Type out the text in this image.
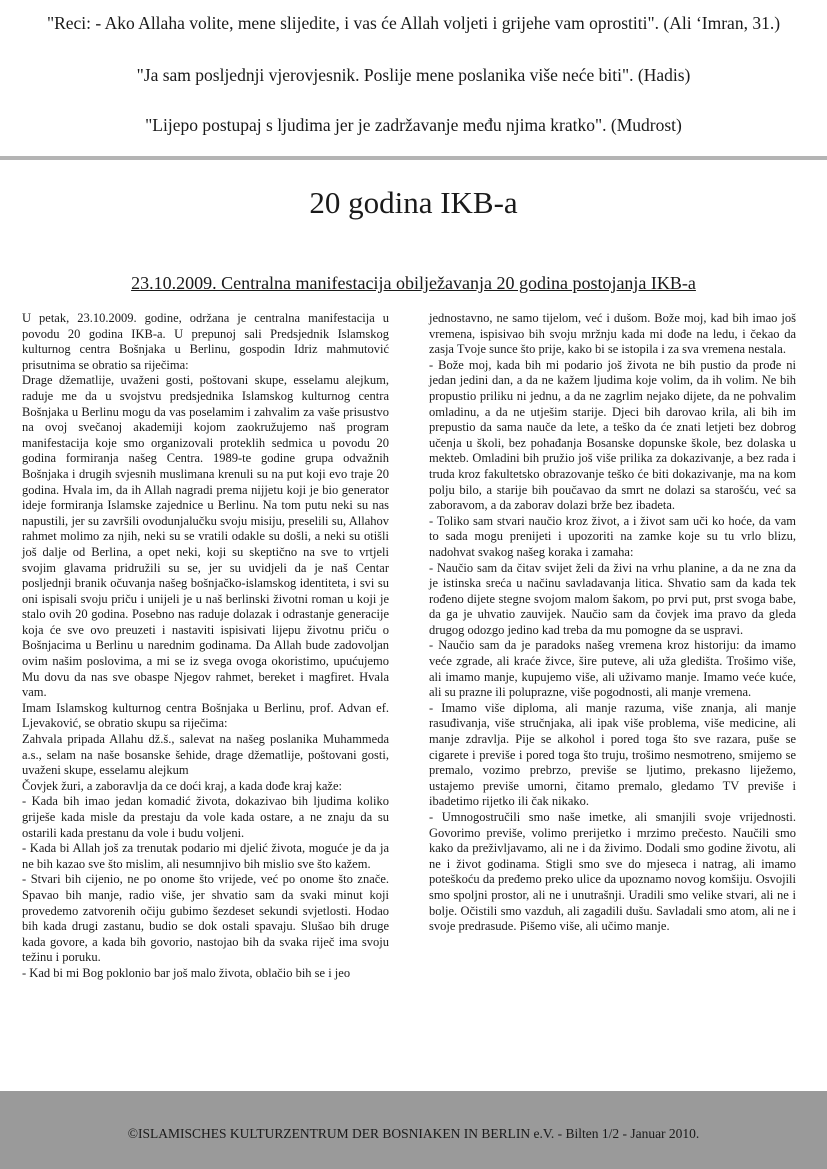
"Reci: - Ako Allaha volite, mene slijedite, i vas će Allah voljeti i grijehe vam oprostiti". (Ali ‘Imran, 31.)
"Ja sam posljednji vjerovjesnik. Poslije mene poslanika više neće biti". (Hadis)
"Lijepo postupaj s ljudima jer je zadržavanje među njima kratko". (Mudrost)
20 godina IKB-a
23.10.2009. Centralna manifestacija obilježavanja 20 godina postojanja IKB-a

U petak, 23.10.2009. godine, održana je centralna manifestacija u povodu 20 godina IKB-a. U prepunoj sali Predsjednik Islamskog kulturnog centra Bošnjaka u Berlinu, gospodin Idriz mahmutović prisutnima se obratio sa riječima:

Drage džematlije, uvaženi gosti, poštovani skupe, esselamu alejkum, raduje me da u svojstvu predsjednika Islamskog kulturnog centra Bošnjaka u Berlinu mogu da vas poselamim i zahvalim za vaše prisustvo na ovoj svečanoj akademiji kojom zaokružujemo naš program manifestacija koje smo organizovali proteklih sedmica u povodu 20 godina formiranja našeg Centra. 1989-te godine grupa odvažnih Bošnjaka i drugih svjesnih muslimana krenuli su na put koji evo traje 20 godina. Hvala im, da ih Allah nagradi prema nijjetu koji je bio generator ideje formiranja Islamske zajednice u Berlinu. Na tom putu neki su nas napustili, jer su završili ovodunjalučku svoju misiju, preselili su, Allahov rahmet molimo za njih, neki su se vratili odakle su došli, a neki su otišli još dalje od Berlina, a opet neki, koji su skeptično na sve to vrtjeli svojim glavama pridružili su se, jer su uvidjeli da je naš Centar posljednji branik očuvanja našeg bošnjačko-islamskog identiteta, i svi su oni ispisali svoju priču i unijeli je u naš berlinski životni roman u koji je stalo ovih 20 godina. Posebno nas raduje dolazak i odrastanje generacije koja će sve ovo preuzeti i nastaviti ispisivati lijepu životnu priču o Bošnjacima u Berlinu u narednim godinama. Da Allah bude zadovoljan ovim našim poslovima, a mi se iz svega ovoga okoristimo, upućujemo Mu dovu da nas sve obaspe Njegov rahmet, bereket i magfiret. Hvala vam.

Imam Islamskog kulturnog centra Bošnjaka u Berlinu, prof. Advan ef. Ljevaković, se obratio skupu sa riječima:

Zahvala pripada Allahu dž.š., salevat na našeg poslanika Muhammeda a.s., selam na naše bosanske šehide, drage džematlije, poštovani gosti, uvaženi skupe, esselamu alejkum

Čovjek žuri, a zaboravlja da ce doći kraj, a kada dođe kraj kaže:

- Kada bih imao jedan komadić života, dokazivao bih ljudima koliko griješe kada misle da prestaju da vole kada ostare, a ne znaju da su ostarili kada prestanu da vole i budu voljeni.

- Kada bi Allah još za trenutak podario mi djelić života, moguće je da ja ne bih kazao sve što mislim, ali nesumnjivo bih mislio sve što kažem.

- Stvari bih cijenio, ne po onome što vrijede, već po onome što znače. Spavao bih manje, radio više, jer shvatio sam da svaki minut koji provedemo zatvorenih očiju gubimo šezdeset sekundi svjetlosti. Hodao bih kada drugi zastanu, budio se dok ostali spavaju. Slušao bih druge kada govore, a kada bih govorio, nastojao bih da svaka riječ ima svoju težinu i poruku.

- Kad bi mi Bog poklonio bar još malo života, oblačio bih se i jeo

jednostavno, ne samo tijelom, već i dušom. Bože moj, kad bih imao još vremena, ispisivao bih svoju mržnju kada mi dođe na ledu, i čekao da zasja Tvoje sunce što prije, kako bi se istopila i za sva vremena nestala.

- Bože moj, kada bih mi podario još života ne bih pustio da prođe ni jedan jedini dan, a da ne kažem ljudima koje volim, da ih volim. Ne bih propustio priliku ni jednu, a da ne zagrlim nejako dijete, da ne pohvalim omladinu, a da ne utješim starije. Djeci bih darovao krila, ali bih im prepustio da sama nauče da lete, a teško da će znati letjeti bez dobrog učenja u školi, bez pohađanja Bosanske dopunske škole, bez dolaska u mekteb. Omladini bih pružio još više prilika za dokazivanje, a bez rada i truda kroz fakultetsko obrazovanje teško će biti dokazivanje, ma na kom polju bilo, a starije bih poučavao da smrt ne dolazi sa starošću, već sa zaboravom, a da zaborav dolazi brže bez ibadeta.

- Toliko sam stvari naučio kroz život, a i život sam uči ko hoće, da vam to sada mogu prenijeti i upozoriti na zamke koje su tu vrlo blizu, nadohvat svakog našeg koraka i zamaha:

- Naučio sam da čitav svijet želi da živi na vrhu planine, a da ne zna da je istinska sreća u načinu savladavanja litica. Shvatio sam da kada tek rođeno dijete stegne svojom malom šakom, po prvi put, prst svoga babe, da ga je uhvatio zauvijek. Naučio sam da čovjek ima pravo da gleda drugog odozgo jedino kad treba da mu pomogne da se uspravi.

- Naučio sam da je paradoks našeg vremena kroz historiju: da imamo veće zgrade, ali kraće živce, šire puteve, ali uža gledišta. Trošimo više, ali imamo manje, kupujemo više, ali uživamo manje. Imamo veće kuće, ali su prazne ili poluprazne, više pogodnosti, ali manje vremena.

- Imamo više diploma, ali manje razuma, više znanja, ali manje rasuđivanja, više stručnjaka, ali ipak više problema, više medicine, ali manje zdravlja. Pije se alkohol i pored toga što sve razara, puše se cigarete i previše i pored toga što truju, trošimo nesmotreno, smijemo se premalo, vozimo prebrzo, previše se ljutimo, prekasno liježemo, ustajemo previše umorni, čitamo premalo, gledamo TV previše i ibadetimo rijetko ili čak nikako.

- Umnogostručili smo naše imetke, ali smanjili svoje vrijednosti. Govorimo previše, volimo prerijetko i mrzimo prečesto. Naučili smo kako da preživljavamo, ali ne i da živimo. Dodali smo godine životu, ali ne i život godinama. Stigli smo sve do mjeseca i natrag, ali imamo poteškoću da pređemo preko ulice da upoznamo novog komšiju. Osvojili smo spoljni prostor, ali ne i unutrašnji. Uradili smo velike stvari, ali ne i bolje. Očistili smo vazduh, ali zagadili dušu. Savladali smo atom, ali ne i svoje predrasude. Pišemo više, ali učimo manje.

©ISLAMISCHES KULTURZENTRUM DER BOSNIAKEN IN BERLIN e.V. - Bilten 1/2 - Januar 2010.
